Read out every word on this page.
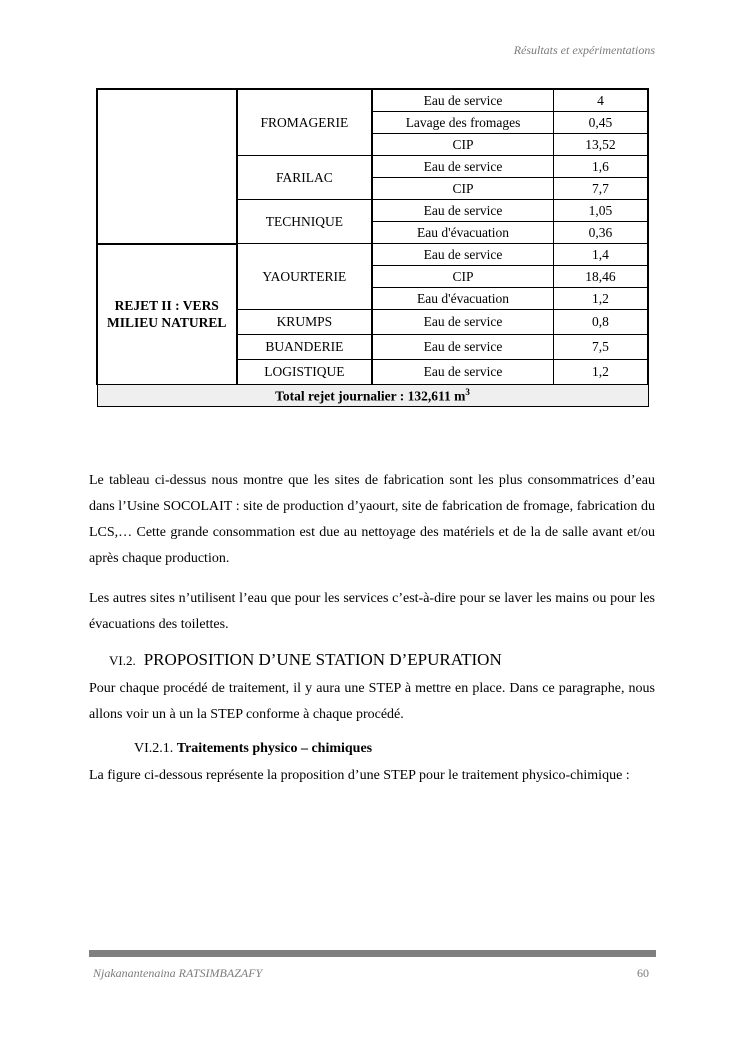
Résultats et expérimentations
	FROMAGERIE	Eau de service	4
		Lavage des fromages	0,45
		CIP	13,52
	FARILAC	Eau de service	1,6
		CIP	7,7
	TECHNIQUE	Eau de service	1,05
		Eau d'évacuation	0,36
REJET II : VERS MILIEU NATUREL	YAOURTERIE	Eau de service	1,4
		CIP	18,46
		Eau d'évacuation	1,2
	KRUMPS	Eau de service	0,8
	BUANDERIE	Eau de service	7,5
	LOGISTIQUE	Eau de service	1,2
Total rejet journalier : 132,611 $m^3$

Le tableau ci-dessus nous montre que les sites de fabrication sont les plus consommatrices d’eau dans l’Usine SOCOLAIT : site de production d’yaourt, site de fabrication de fromage, fabrication du LCS,… Cette grande consommation est due au nettoyage des matériels et de la de salle avant et/ou après chaque production.

Les autres sites n’utilisent l’eau que pour les services c’est-à-dire pour se laver les mains ou pour les évacuations des toilettes.

VI.2. PROPOSITION D’UNE STATION D’EPURATION

Pour chaque procédé de traitement, il y aura une STEP à mettre en place. Dans ce paragraphe, nous allons voir un à un la STEP conforme à chaque procédé.

VI.2.1. Traitements physico – chimiques

La figure ci-dessous représente la proposition d’une STEP pour le traitement physico-chimique :

Njakanantenaina RATSIMBAZAFY	60
